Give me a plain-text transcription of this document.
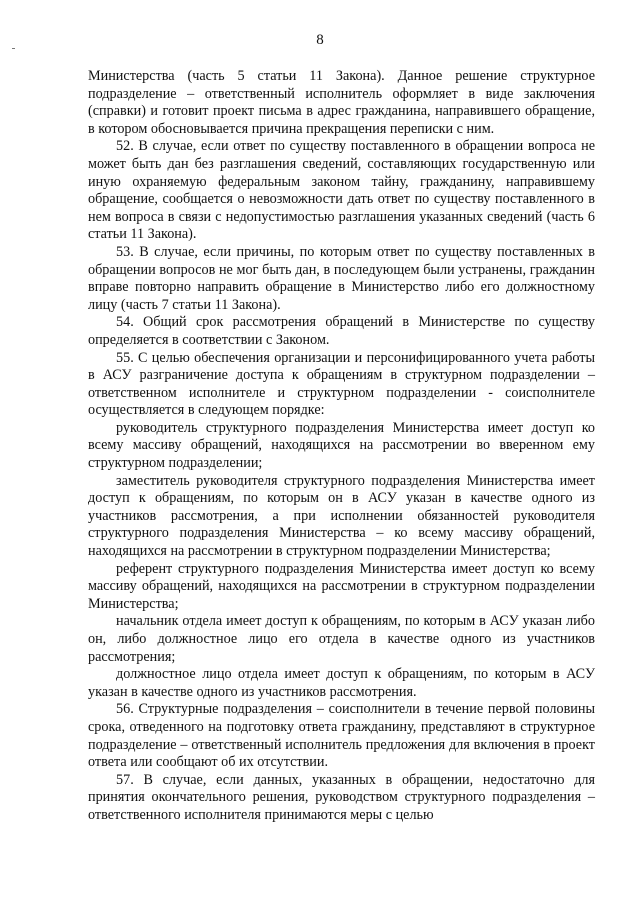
8

Министерства (часть 5 статьи 11 Закона). Данное решение структурное подразделение – ответственный исполнитель оформляет в виде заключения (справки) и готовит проект письма в адрес гражданина, направившего обращение, в котором обосновывается причина прекращения переписки с ним.

52. В случае, если ответ по существу поставленного в обращении вопроса не может быть дан без разглашения сведений, составляющих государственную или иную охраняемую федеральным законом тайну, гражданину, направившему обращение, сообщается о невозможности дать ответ по существу поставленного в нем вопроса в связи с недопустимостью разглашения указанных сведений (часть 6 статьи 11 Закона).

53. В случае, если причины, по которым ответ по существу поставленных в обращении вопросов не мог быть дан, в последующем были устранены, гражданин вправе повторно направить обращение в Министерство либо его должностному лицу (часть 7 статьи 11 Закона).

54. Общий срок рассмотрения обращений в Министерстве по существу определяется в соответствии с Законом.

55. С целью обеспечения организации и персонифицированного учета работы в АСУ разграничение доступа к обращениям в структурном подразделении – ответственном исполнителе и структурном подразделении - соисполнителе осуществляется в следующем порядке:

руководитель структурного подразделения Министерства имеет доступ ко всему массиву обращений, находящихся на рассмотрении во вверенном ему структурном подразделении;

заместитель руководителя структурного подразделения Министерства имеет доступ к обращениям, по которым он в АСУ указан в качестве одного из участников рассмотрения, а при исполнении обязанностей руководителя структурного подразделения Министерства – ко всему массиву обращений, находящихся на рассмотрении в структурном подразделении Министерства;

референт структурного подразделения Министерства имеет доступ ко всему массиву обращений, находящихся на рассмотрении в структурном подразделении Министерства;

начальник отдела имеет доступ к обращениям, по которым в АСУ указан либо он, либо должностное лицо его отдела в качестве одного из участников рассмотрения;

должностное лицо отдела имеет доступ к обращениям, по которым в АСУ указан в качестве одного из участников рассмотрения.

56. Структурные подразделения – соисполнители в течение первой половины срока, отведенного на подготовку ответа гражданину, представляют в структурное подразделение – ответственный исполнитель предложения для включения в проект ответа или сообщают об их отсутствии.

57. В случае, если данных, указанных в обращении, недостаточно для принятия окончательного решения, руководством структурного подразделения – ответственного исполнителя принимаются меры с целью
